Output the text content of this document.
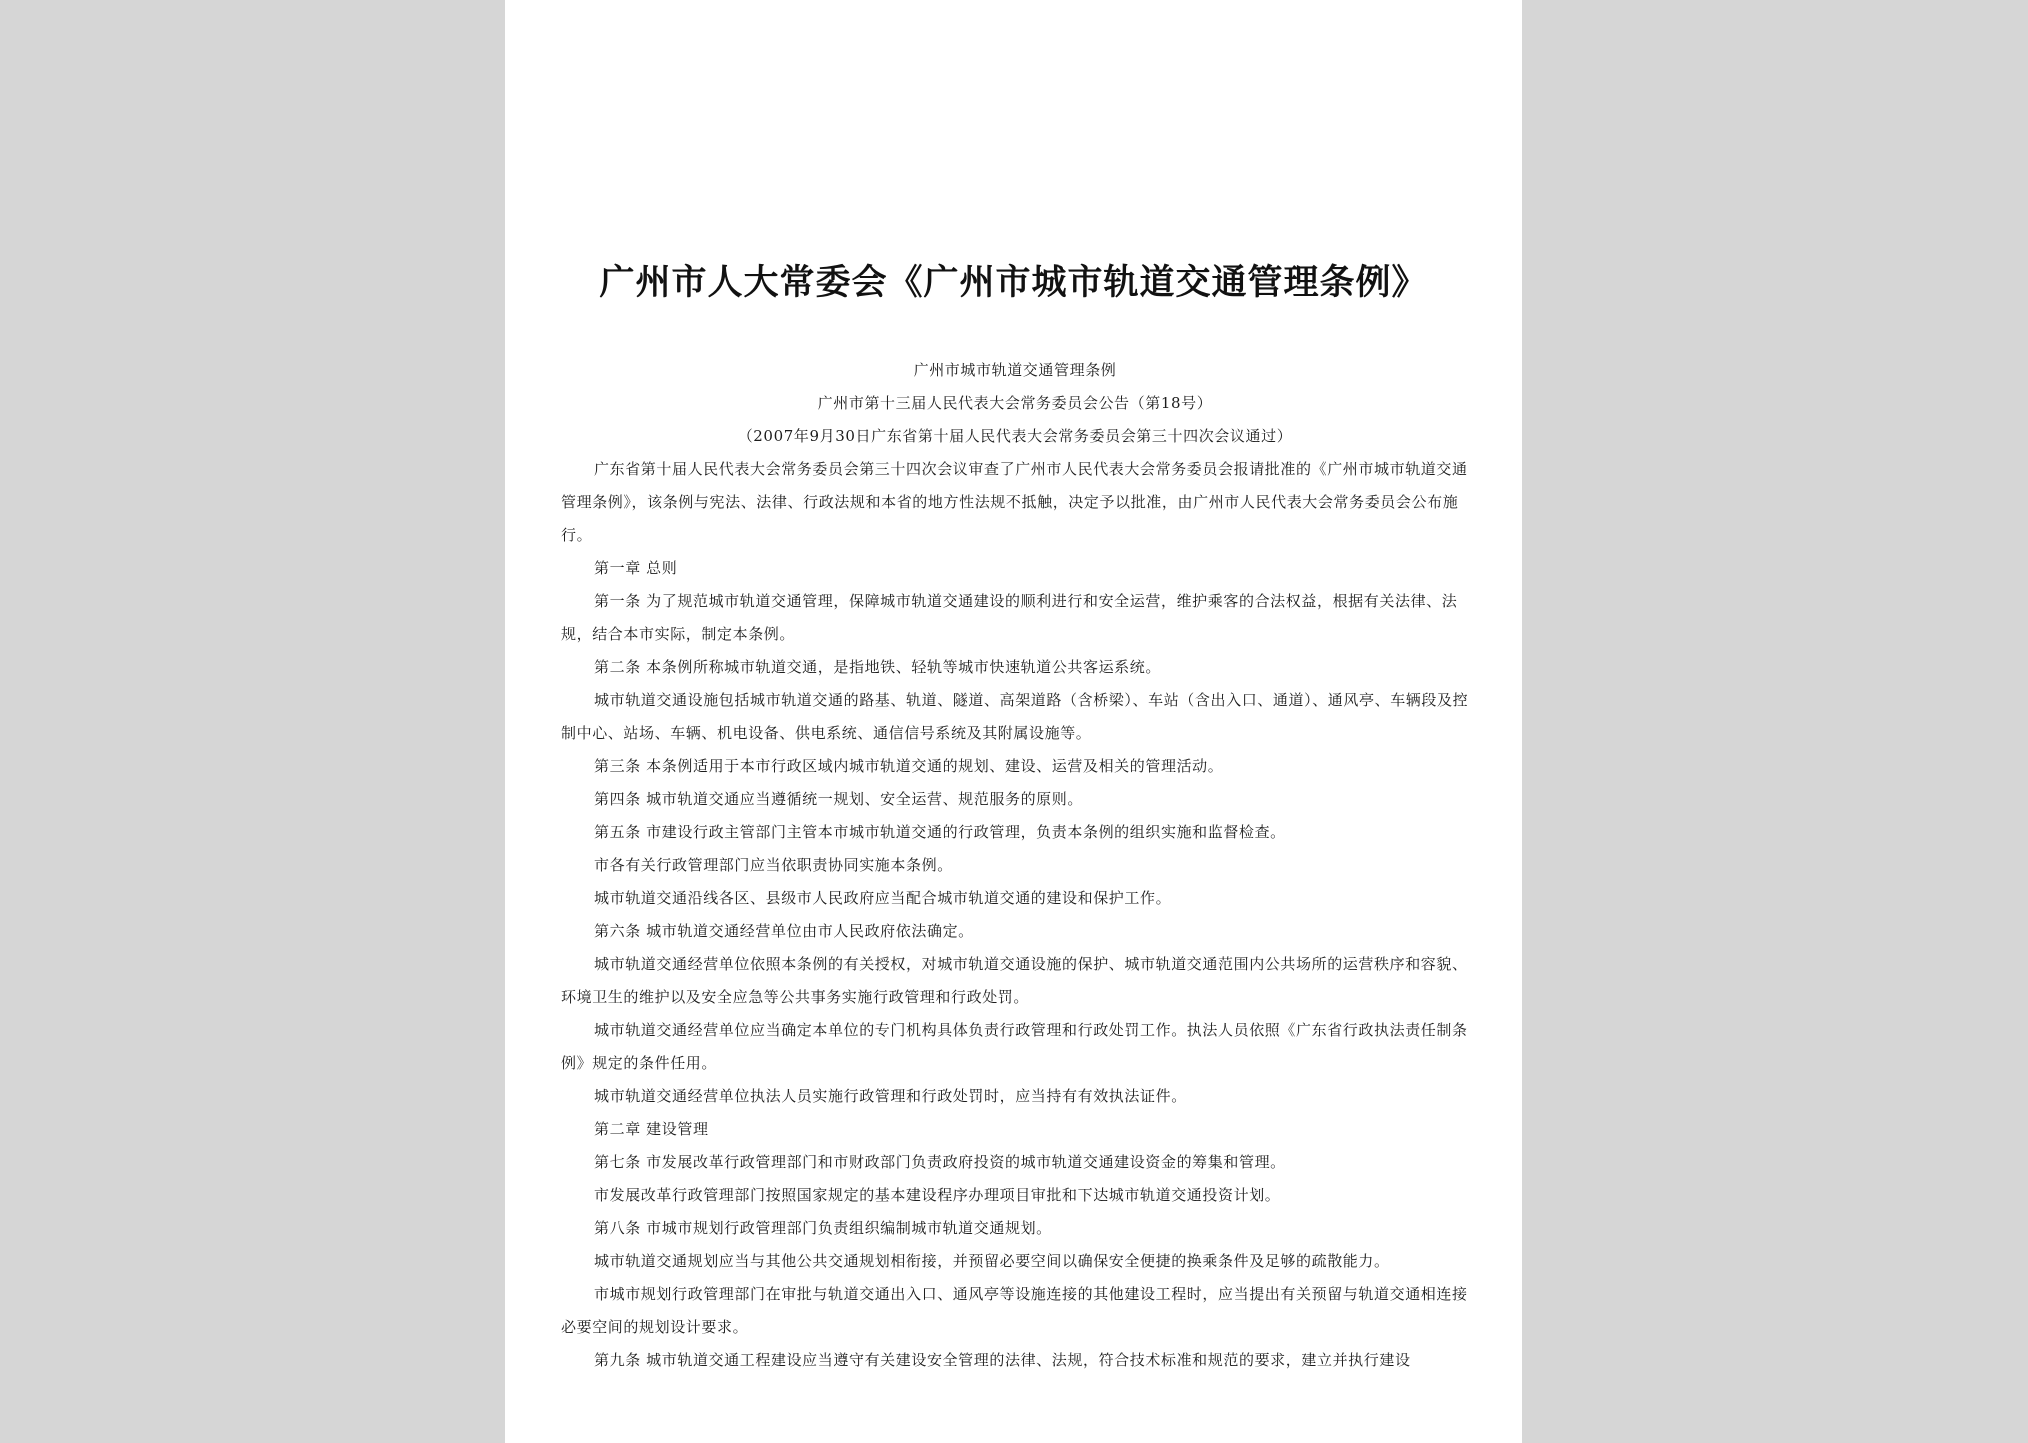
广州市人大常委会《广州市城市轨道交通管理条例》

广州市城市轨道交通管理条例

广州市第十三届人民代表大会常务委员会公告（第18号）

（2007年9月30日广东省第十届人民代表大会常务委员会第三十四次会议通过）

广东省第十届人民代表大会常务委员会第三十四次会议审查了广州市人民代表大会常务委员会报请批准的《广州市城市轨道交通管理条例》，该条例与宪法、法律、行政法规和本省的地方性法规不抵触，决定予以批准，由广州市人民代表大会常务委员会公布施行。

第一章 总则

第一条 为了规范城市轨道交通管理，保障城市轨道交通建设的顺利进行和安全运营，维护乘客的合法权益，根据有关法律、法规，结合本市实际，制定本条例。

第二条 本条例所称城市轨道交通，是指地铁、轻轨等城市快速轨道公共客运系统。

城市轨道交通设施包括城市轨道交通的路基、轨道、隧道、高架道路（含桥梁）、车站（含出入口、通道）、通风亭、车辆段及控制中心、站场、车辆、机电设备、供电系统、通信信号系统及其附属设施等。

第三条 本条例适用于本市行政区域内城市轨道交通的规划、建设、运营及相关的管理活动。

第四条 城市轨道交通应当遵循统一规划、安全运营、规范服务的原则。

第五条 市建设行政主管部门主管本市城市轨道交通的行政管理，负责本条例的组织实施和监督检查。

市各有关行政管理部门应当依职责协同实施本条例。

城市轨道交通沿线各区、县级市人民政府应当配合城市轨道交通的建设和保护工作。

第六条 城市轨道交通经营单位由市人民政府依法确定。

城市轨道交通经营单位依照本条例的有关授权，对城市轨道交通设施的保护、城市轨道交通范围内公共场所的运营秩序和容貌、环境卫生的维护以及安全应急等公共事务实施行政管理和行政处罚。

城市轨道交通经营单位应当确定本单位的专门机构具体负责行政管理和行政处罚工作。执法人员依照《广东省行政执法责任制条例》规定的条件任用。

城市轨道交通经营单位执法人员实施行政管理和行政处罚时，应当持有有效执法证件。

第二章 建设管理

第七条 市发展改革行政管理部门和市财政部门负责政府投资的城市轨道交通建设资金的筹集和管理。

市发展改革行政管理部门按照国家规定的基本建设程序办理项目审批和下达城市轨道交通投资计划。

第八条 市城市规划行政管理部门负责组织编制城市轨道交通规划。

城市轨道交通规划应当与其他公共交通规划相衔接，并预留必要空间以确保安全便捷的换乘条件及足够的疏散能力。

市城市规划行政管理部门在审批与轨道交通出入口、通风亭等设施连接的其他建设工程时，应当提出有关预留与轨道交通相连接必要空间的规划设计要求。

第九条 城市轨道交通工程建设应当遵守有关建设安全管理的法律、法规，符合技术标准和规范的要求，建立并执行建设
